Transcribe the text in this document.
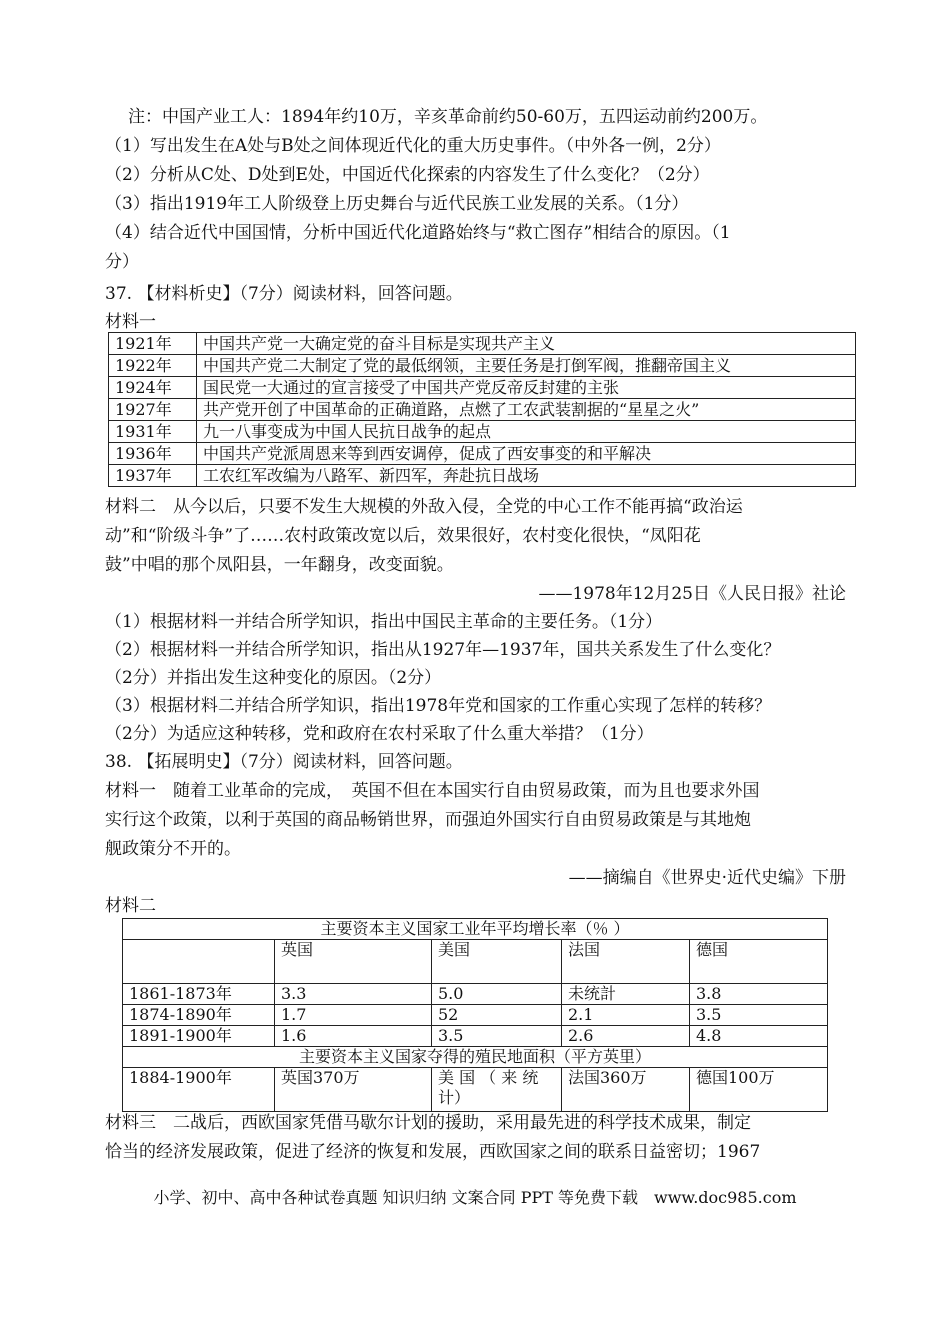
注：中国产业工人：1894年约10万，辛亥革命前约50-60万，五四运动前约200万。
（1）写出发生在A处与B处之间体现近代化的重大历史事件。（中外各一例，2分）
（2）分析从C处、D处到E处，中国近代化探索的内容发生了什么变化？（2分）
（3）指出1919年工人阶级登上历史舞台与近代民族工业发展的关系。（1分）
（4）结合近代中国国情，分析中国近代化道路始终与“救亡图存”相结合的原因。（1
分）
37. 【材料析史】（7分）阅读材料，回答问题。
材料一
1921年	中国共产党一大确定党的奋斗目标是实现共产主义
1922年	中国共产党二大制定了党的最低纲领，主要任务是打倒军阀，推翻帝国主义
1924年	国民党一大通过的宣言接受了中国共产党反帝反封建的主张
1927年	共产党开创了中国革命的正确道路，点燃了工农武装割据的“星星之火”
1931年	九一八事变成为中国人民抗日战争的起点
1936年	中国共产党派周恩来等到西安调停，促成了西安事变的和平解决
1937年	工农红军改编为八路军、新四军，奔赴抗日战场
材料二　从今以后，只要不发生大规模的外敌入侵，全党的中心工作不能再搞“政治运
动”和“阶级斗争”了……农村政策改宽以后，效果很好，农村变化很快，“凤阳花
鼓”中唱的那个凤阳县，一年翻身，改变面貌。
——1978年12月25日《人民日报》社论
（1）根据材料一并结合所学知识，指出中国民主革命的主要任务。（1分）
（2）根据材料一并结合所学知识，指出从1927年—1937年，国共关系发生了什么变化？
（2分）并指出发生这种变化的原因。（2分）
（3）根据材料二并结合所学知识，指出1978年党和国家的工作重心实现了怎样的转移？
（2分）为适应这种转移，党和政府在农村采取了什么重大举措？（1分）
38. 【拓展明史】（7分）阅读材料，回答问题。
材料一　随着工业革命的完成，　英国不但在本国实行自由贸易政策，而为且也要求外国
实行这个政策，以利于英国的商品畅销世界，而强迫外国实行自由贸易政策是与其地炮
舰政策分不开的。
——摘编自《世界史·近代史编》下册
材料二
主要资本主义国家工业年平均增长率（％ ）				
	英国	美国	法国	德国
1861-1873年	3.3	5.0	未统計	3.8
1874-1890年	1.7	52	2.1	3.5
1891-1900年	1.6	3.5	2.6	4.8
主要资本主义国家夺得的殖民地面积（平方英里）				
1884-1900年	英国370万	美 国 （ 来 统 计）	法国360万	德国100万
材料三　二战后，西欧国家凭借马歇尔计划的援助，采用最先进的科学技术成果，制定
恰当的经济发展政策，促进了经济的恢复和发展，西欧国家之间的联系日益密切；1967
小学、初中、高中各种试卷真题 知识归纳 文案合同 PPT 等免费下载　www.doc985.com
